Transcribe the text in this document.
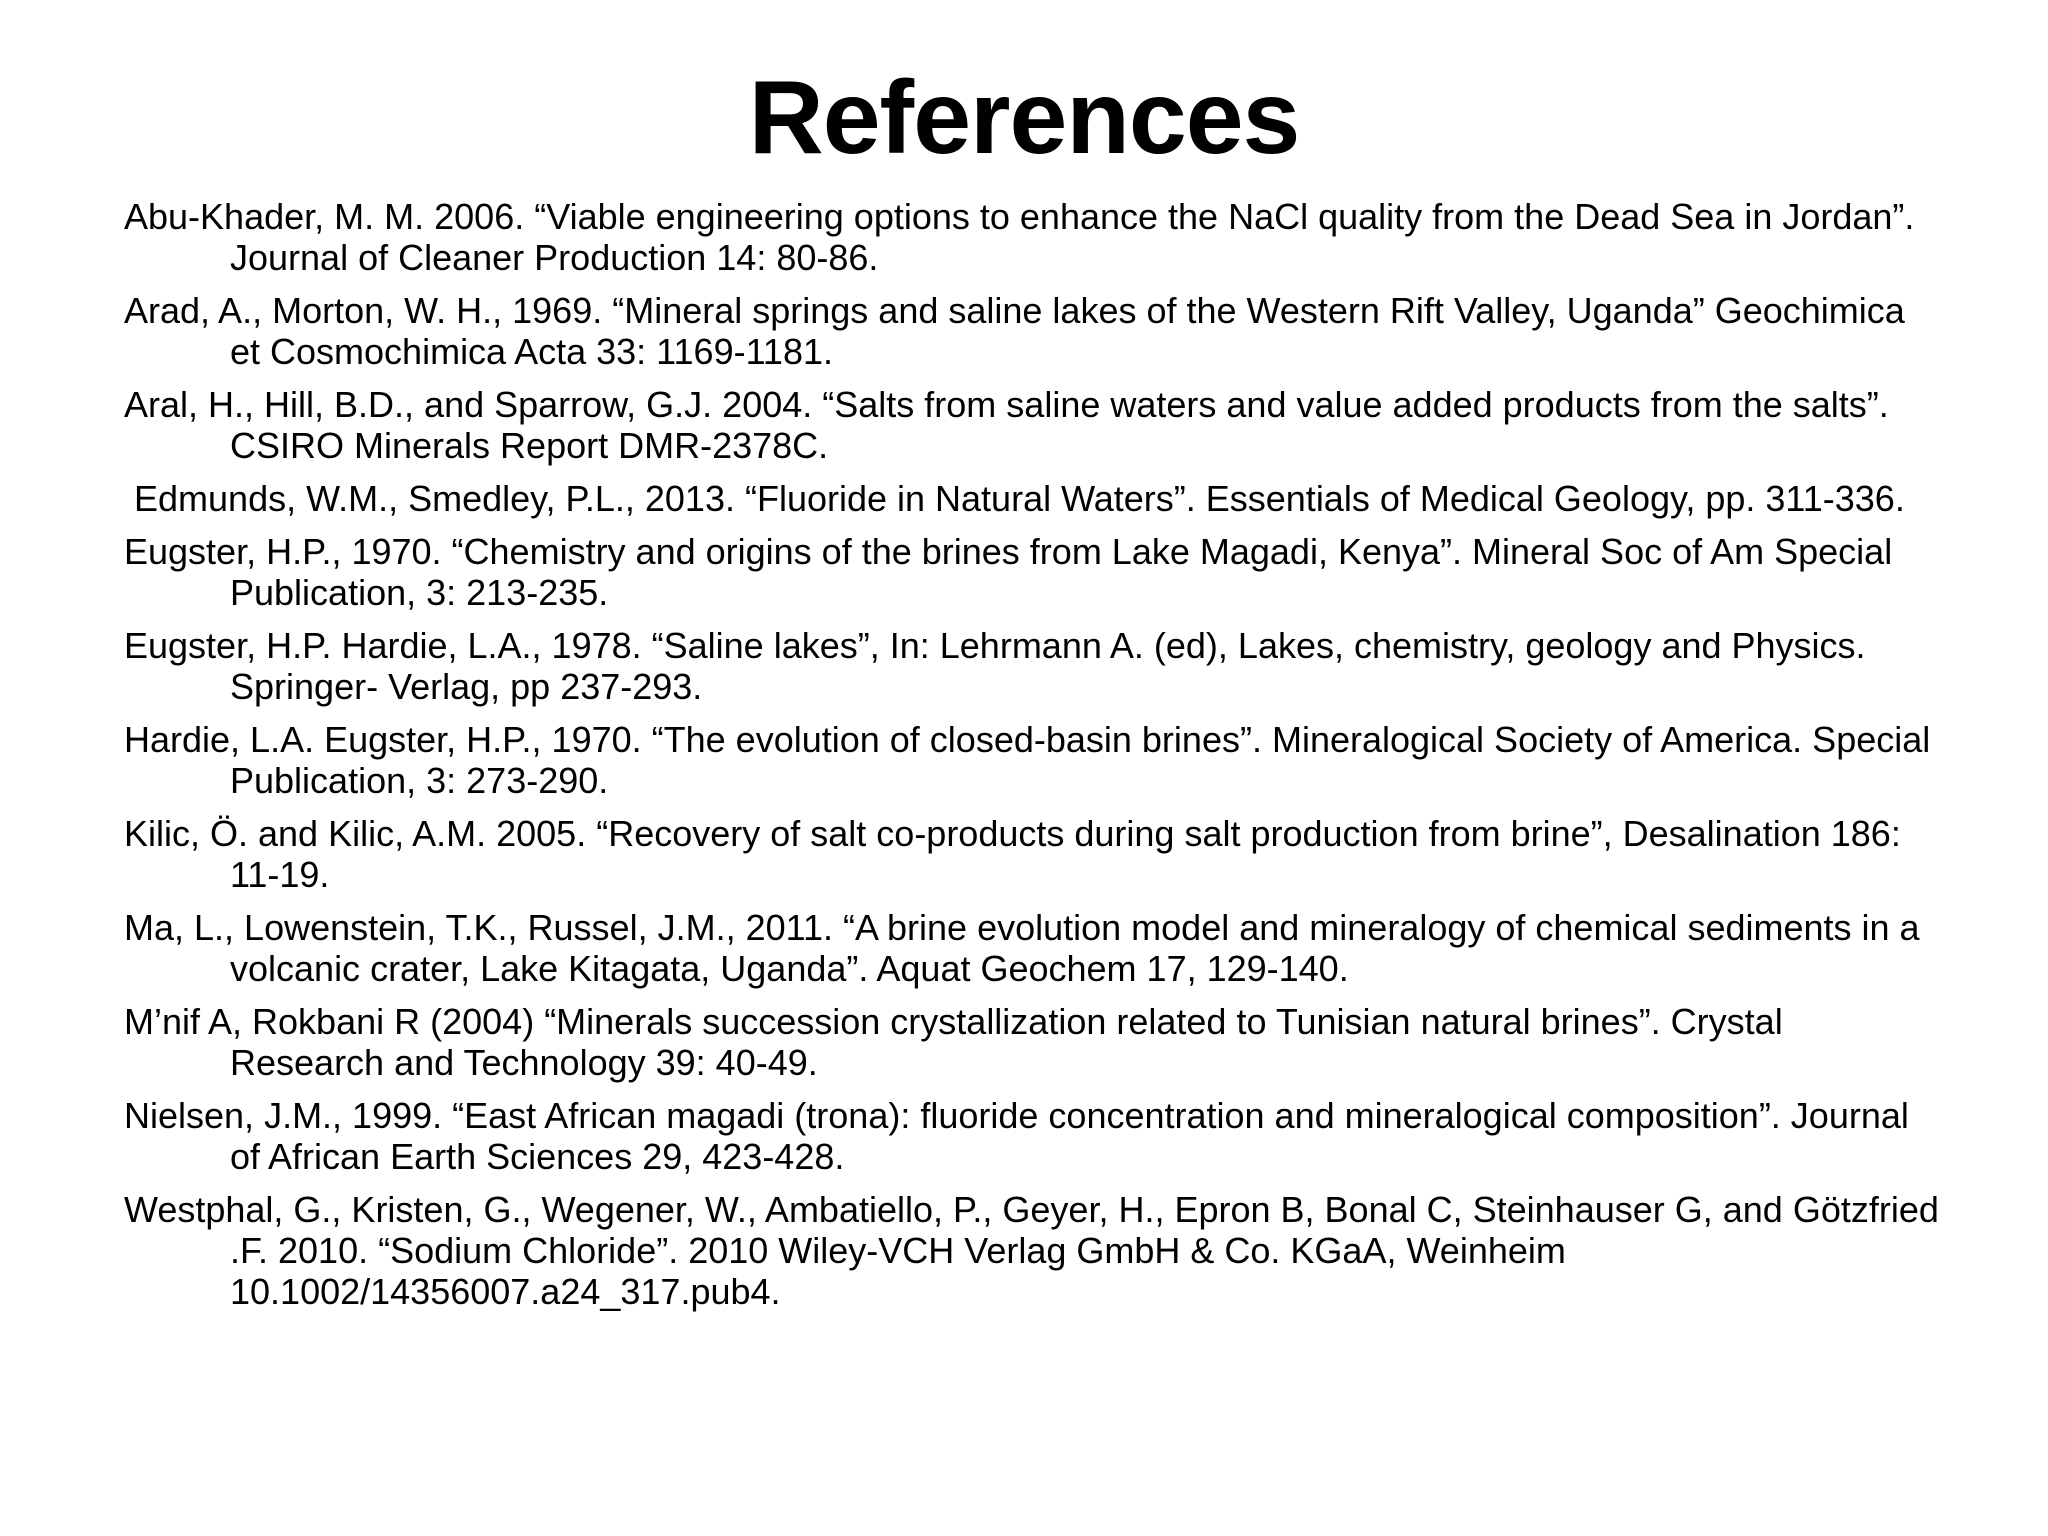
References
Abu-Khader, M. M. 2006. “Viable engineering options to enhance the NaCl quality from the Dead Sea in Jordan”. Journal of Cleaner Production 14: 80-86.
Arad, A., Morton, W. H., 1969. “Mineral springs and saline lakes of the Western Rift Valley, Uganda” Geochimica et Cosmochimica Acta 33: 1169-1181.
Aral, H., Hill, B.D., and Sparrow, G.J. 2004. “Salts from saline waters and value added products from the salts”. CSIRO Minerals Report DMR-2378C.
Edmunds, W.M., Smedley, P.L., 2013. “Fluoride in Natural Waters”. Essentials of Medical Geology, pp. 311-336.
Eugster, H.P., 1970. “Chemistry and origins of the brines from Lake Magadi, Kenya”. Mineral Soc of Am Special Publication, 3: 213-235.
Eugster, H.P. Hardie, L.A., 1978. “Saline lakes”, In: Lehrmann A. (ed), Lakes, chemistry, geology and Physics. Springer- Verlag, pp 237-293.
Hardie, L.A. Eugster, H.P., 1970. “The evolution of closed-basin brines”. Mineralogical Society of America. Special Publication, 3: 273-290.
Kilic, Ö. and Kilic, A.M. 2005. “Recovery of salt co-products during salt production from brine”, Desalination 186: 11-19.
Ma, L., Lowenstein, T.K., Russel, J.M., 2011. “A brine evolution model and mineralogy of chemical sediments in a volcanic crater, Lake Kitagata, Uganda”. Aquat Geochem 17, 129-140.
M’nif A, Rokbani R (2004) “Minerals succession crystallization related to Tunisian natural brines”. Crystal Research and Technology 39: 40-49.
Nielsen, J.M., 1999. “East African magadi (trona): fluoride concentration and mineralogical composition”. Journal of African Earth Sciences 29, 423-428.
Westphal, G., Kristen, G., Wegener, W., Ambatiello, P., Geyer, H., Epron B, Bonal C, Steinhauser G, and Götzfried .F. 2010. “Sodium Chloride”. 2010 Wiley-VCH Verlag GmbH & Co. KGaA, Weinheim 10.1002/14356007.a24_317.pub4.
